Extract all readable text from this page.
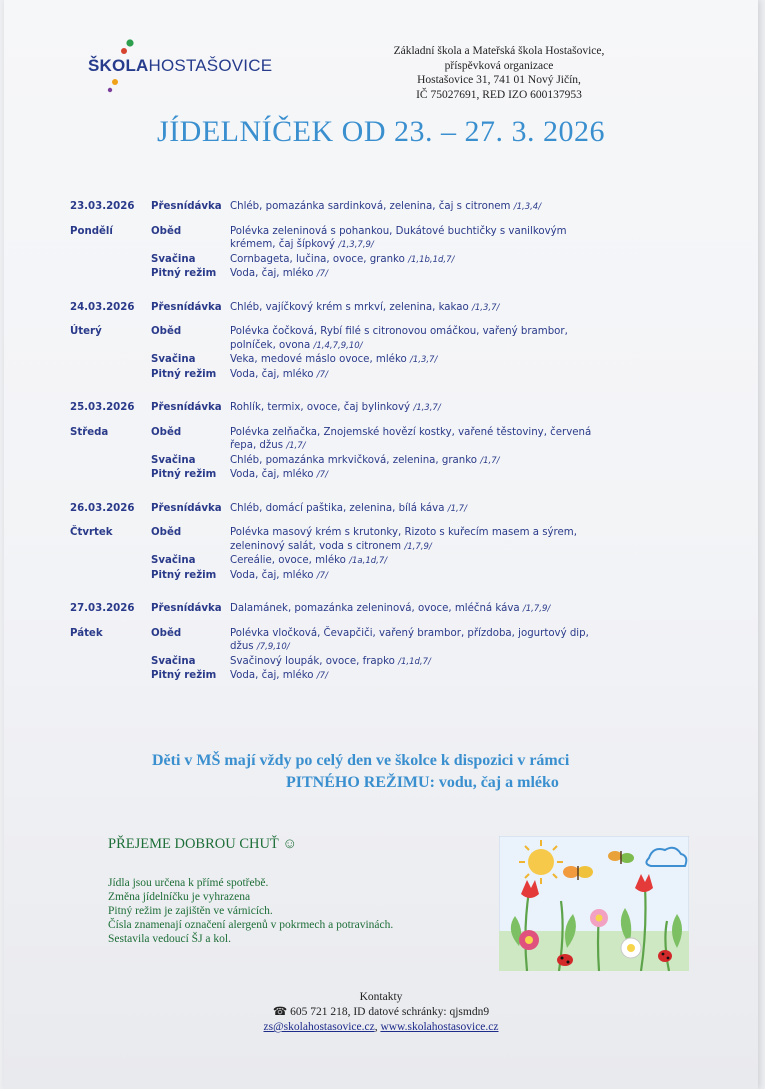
ŠKOLAHOSTAŠOVICE
Základní škola a Mateřská škola Hostašovice,
příspěvková organizace
Hostašovice 31, 741 01 Nový Jičín,
IČ 75027691, RED IZO 600137953
JÍDELNÍČEK OD 23. – 27. 3. 2026
23.03.2026	Přesnídávka Chléb, pomazánka sardinková, zelenina, čaj s citronem /1,3,4/
Pondělí	Oběd	Polévka zeleninová s pohankou, Dukátové buchtičky s vanilkovým
krémem, čaj šípkový /1,3,7,9/
Svačina	Cornbageta, lučina, ovoce, granko /1,1b,1d,7/
Pitný režim	Voda, čaj, mléko /7/
24.03.2026	Přesnídávka Chléb, vajíčkový krém s mrkví, zelenina, kakao /1,3,7/
Úterý	Oběd	Polévka čočková, Rybí filé s citronovou omáčkou, vařený brambor,
polníček, ovona /1,4,7,9,10/
Svačina	Veka, medové máslo ovoce, mléko /1,3,7/
Pitný režim	Voda, čaj, mléko /7/
25.03.2026	Přesnídávka Rohlík, termix, ovoce, čaj bylinkový /1,3,7/
Středa	Oběd	Polévka zelňačka, Znojemské hovězí kostky, vařené těstoviny, červená
řepa, džus /1,7/
Svačina	Chléb, pomazánka mrkvičková, zelenina, granko /1,7/
Pitný režim	Voda, čaj, mléko /7/
26.03.2026	Přesnídávka Chléb, domácí paštika, zelenina, bílá káva /1,7/
Čtvrtek	Oběd	Polévka masový krém s krutonky, Rizoto s kuřecím masem a sýrem,
zeleninový salát, voda s citronem /1,7,9/
Svačina	Cereálie, ovoce, mléko /1a,1d,7/
Pitný režim	Voda, čaj, mléko /7/
27.03.2026	Přesnídávka Dalamánek, pomazánka zeleninová, ovoce, mléčná káva /1,7,9/
Pátek	Oběd	Polévka vločková, Čevapčiči, vařený brambor, přízdoba, jogurtový dip,
džus /7,9,10/
Svačina	Svačinový loupák, ovoce, frapko /1,1d,7/
Pitný režim	Voda, čaj, mléko /7/
Děti v MŠ mají vždy po celý den ve školce k dispozici v rámci
PITNÉHO REŽIMU: vodu, čaj a mléko
PŘEJEME DOBROU CHUŤ ☺
Jídla jsou určena k přímé spotřebě.
Změna jídelníčku je vyhrazena
Pitný režim je zajištěn ve várnicích.
Čísla znamenají označení alergenů v pokrmech a potravinách.
Sestavila vedoucí ŠJ a kol.
Kontakty
☎ 605 721 218, ID datové schránky: qjsmdn9
zs@skolahostasovice.cz, www.skolahostasovice.cz
